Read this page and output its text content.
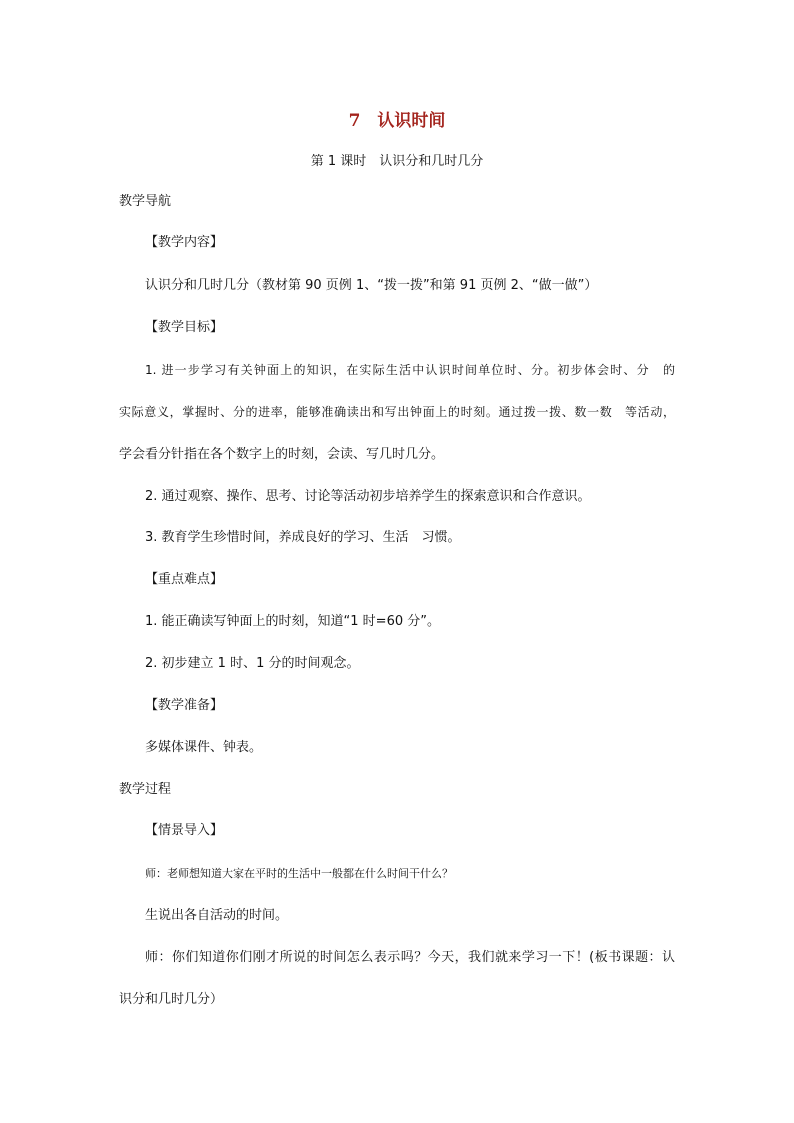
7　认识时间
第 1 课时　认识分和几时几分
教学导航
【教学内容】
认识分和几时几分（教材第 90 页例 1、“拨一拨”和第 91 页例 2、“做一做”）
【教学目标】
1. 进一步学习有关钟面上的知识，在实际生活中认识时间单位时、分。初步体会时、分　的
实际意义，掌握时、分的进率，能够准确读出和写出钟面上的时刻。通过拨一拨、数一数　等活动，
学会看分针指在各个数字上的时刻，会读、写几时几分。
2. 通过观察、操作、思考、讨论等活动初步培养学生的探索意识和合作意识。
3. 教育学生珍惜时间，养成良好的学习、生活　习惯。
【重点难点】
1. 能正确读写钟面上的时刻，知道“1 时=60 分”。
2. 初步建立 1 时、1 分的时间观念。
【教学准备】
多媒体课件、钟表。
教学过程
【情景导入】
师：老师想知道大家在平时的生活中一般都在什么时间干什么？
生说出各自活动的时间。
师：你们知道你们刚才所说的时间怎么表示吗？今天，我们就来学习一下！(板书课题：认
识分和几时几分）
